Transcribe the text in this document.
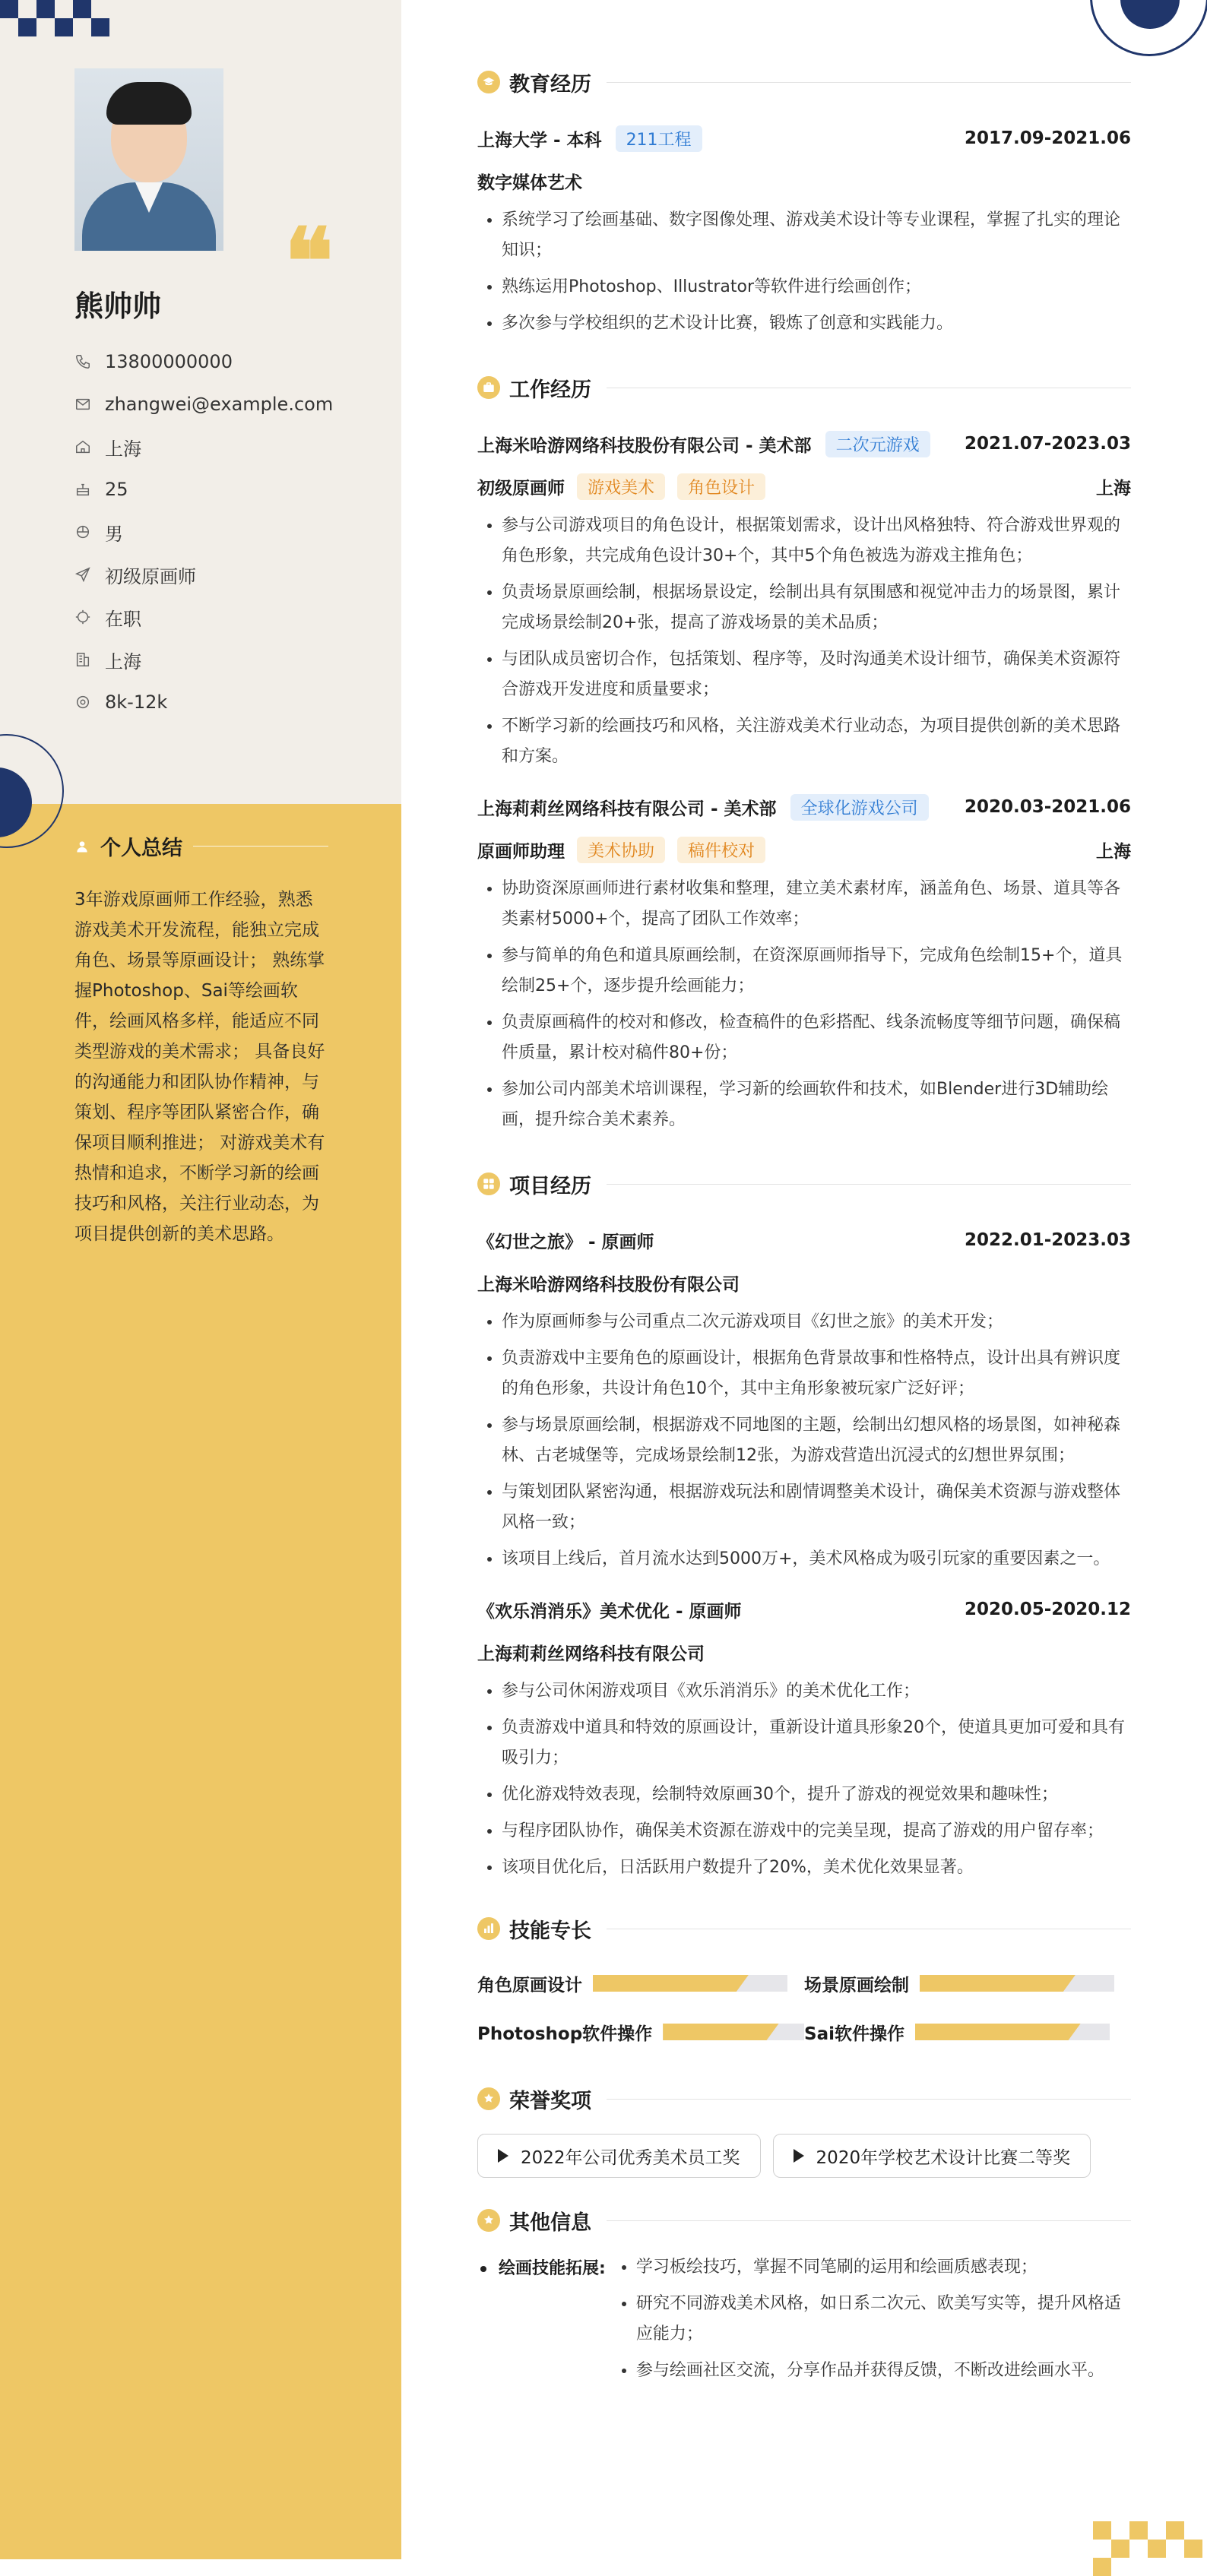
❝
熊帅帅
13800000000
zhangwei@example.com
上海
25
男
初级原画师
在职
上海
8k-12k
个人总结
3年游戏原画师工作经验，熟悉游戏美术开发流程，能独立完成角色、场景等原画设计； 熟练掌握Photoshop、Sai等绘画软件，绘画风格多样，能适应不同类型游戏的美术需求； 具备良好的沟通能力和团队协作精神，与策划、程序等团队紧密合作，确保项目顺利推进； 对游戏美术有热情和追求，不断学习新的绘画技巧和风格，关注行业动态，为项目提供创新的美术思路。
教育经历
上海大学 - 本科	211工程	2017.09-2021.06
数字媒体艺术
• 系统学习了绘画基础、数字图像处理、游戏美术设计等专业课程，掌握了扎实的理论知识；
• 熟练运用Photoshop、Illustrator等软件进行绘画创作；
• 多次参与学校组织的艺术设计比赛，锻炼了创意和实践能力。
工作经历
上海米哈游网络科技股份有限公司 - 美术部	二次元游戏	2021.07-2023.03
初级原画师	游戏美术	角色设计	上海
• 参与公司游戏项目的角色设计，根据策划需求，设计出风格独特、符合游戏世界观的角色形象，共完成角色设计30+个，其中5个角色被选为游戏主推角色；
• 负责场景原画绘制，根据场景设定，绘制出具有氛围感和视觉冲击力的场景图，累计完成场景绘制20+张，提高了游戏场景的美术品质；
• 与团队成员密切合作，包括策划、程序等，及时沟通美术设计细节，确保美术资源符合游戏开发进度和质量要求；
• 不断学习新的绘画技巧和风格，关注游戏美术行业动态，为项目提供创新的美术思路和方案。
上海莉莉丝网络科技有限公司 - 美术部	全球化游戏公司	2020.03-2021.06
原画师助理	美术协助	稿件校对	上海
• 协助资深原画师进行素材收集和整理，建立美术素材库，涵盖角色、场景、道具等各类素材5000+个，提高了团队工作效率；
• 参与简单的角色和道具原画绘制，在资深原画师指导下，完成角色绘制15+个，道具绘制25+个，逐步提升绘画能力；
• 负责原画稿件的校对和修改，检查稿件的色彩搭配、线条流畅度等细节问题，确保稿件质量，累计校对稿件80+份；
• 参加公司内部美术培训课程，学习新的绘画软件和技术，如Blender进行3D辅助绘画，提升综合美术素养。
项目经历
《幻世之旅》 - 原画师	2022.01-2023.03
上海米哈游网络科技股份有限公司
• 作为原画师参与公司重点二次元游戏项目《幻世之旅》的美术开发；
• 负责游戏中主要角色的原画设计，根据角色背景故事和性格特点，设计出具有辨识度的角色形象，共设计角色10个，其中主角形象被玩家广泛好评；
• 参与场景原画绘制，根据游戏不同地图的主题，绘制出幻想风格的场景图，如神秘森林、古老城堡等，完成场景绘制12张，为游戏营造出沉浸式的幻想世界氛围；
• 与策划团队紧密沟通，根据游戏玩法和剧情调整美术设计，确保美术资源与游戏整体风格一致；
• 该项目上线后，首月流水达到5000万+，美术风格成为吸引玩家的重要因素之一。
《欢乐消消乐》美术优化 - 原画师	2020.05-2020.12
上海莉莉丝网络科技有限公司
• 参与公司休闲游戏项目《欢乐消消乐》的美术优化工作；
• 负责游戏中道具和特效的原画设计，重新设计道具形象20个，使道具更加可爱和具有吸引力；
• 优化游戏特效表现，绘制特效原画30个，提升了游戏的视觉效果和趣味性；
• 与程序团队协作，确保美术资源在游戏中的完美呈现，提高了游戏的用户留存率；
• 该项目优化后，日活跃用户数提升了20%，美术优化效果显著。
技能专长
角色原画设计	场景原画绘制
Photoshop软件操作	Sai软件操作
荣誉奖项
2022年公司优秀美术员工奖	2020年学校艺术设计比赛二等奖
其他信息
绘画技能拓展:
• 学习板绘技巧，掌握不同笔刷的运用和绘画质感表现；
• 研究不同游戏美术风格，如日系二次元、欧美写实等，提升风格适应能力；
• 参与绘画社区交流，分享作品并获得反馈，不断改进绘画水平。
